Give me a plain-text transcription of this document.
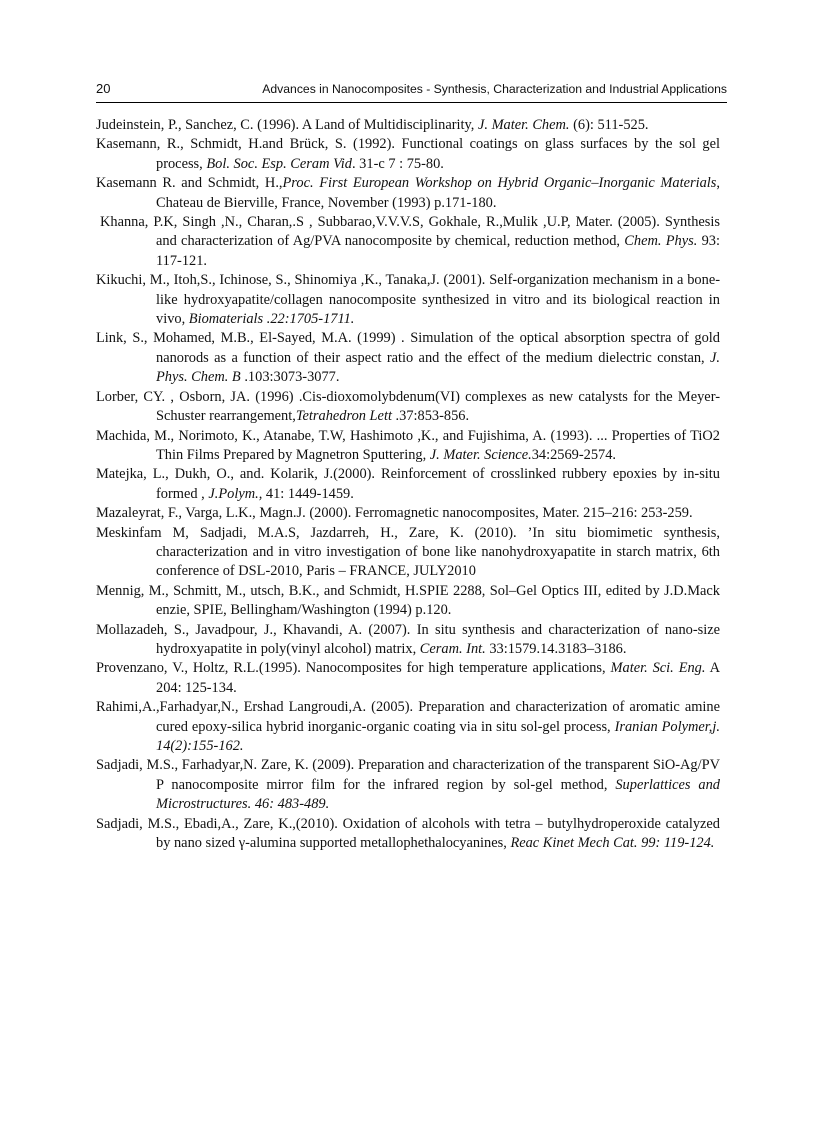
20	Advances in Nanocomposites - Synthesis, Characterization and Industrial Applications

Judeinstein, P., Sanchez, C. (1996). A Land of Multidisciplinarity, J. Mater. Chem. (6): 511-525.

Kasemann, R., Schmidt, H.and Brück, S. (1992). Functional coatings on glass surfaces by the sol gel process, Bol. Soc. Esp. Ceram Vid. 31-c 7 : 75-80.

Kasemann R. and Schmidt, H.,Proc. First European Workshop on Hybrid Organic–Inorganic Materials, Chateau de Bierville, France, November (1993) p.171-180.

Khanna, P.K, Singh ,N., Charan,.S , Subbarao,V.V.V.S, Gokhale, R.,Mulik ,U.P, Mater. (2005). Synthesis and characterization of Ag/PVA nanocomposite by chemical, reduction method, Chem. Phys. 93: 117-121.

Kikuchi, M., Itoh,S., Ichinose, S., Shinomiya ,K., Tanaka,J. (2001). Self-organization mechanism in a bone-like hydroxyapatite/collagen nanocomposite synthesized in vitro and its biological reaction in vivo, Biomaterials .22:1705-1711.

Link, S., Mohamed, M.B., El-Sayed, M.A. (1999) . Simulation of the optical absorption spectra of gold nanorods as a function of their aspect ratio and the effect of the medium dielectric constan, J. Phys. Chem. B .103:3073-3077.

Lorber, CY. , Osborn, JA. (1996) .Cis-dioxomolybdenum(VI) complexes as new catalysts for the Meyer-Schuster rearrangement,Tetrahedron Lett .37:853-856.

Machida, M., Norimoto, K., Atanabe, T.W, Hashimoto ,K., and Fujishima, A. (1993). ... Properties of TiO2 Thin Films Prepared by Magnetron Sputtering, J. Mater. Science.34:2569-2574.

Matejka, L., Dukh, O., and. Kolarik, J.(2000). Reinforcement of crosslinked rubbery epoxies by in-situ formed , J.Polym., 41: 1449-1459.

Mazaleyrat, F., Varga, L.K., Magn.J. (2000). Ferromagnetic nanocomposites, Mater. 215–216: 253-259.

Meskinfam M, Sadjadi, M.A.S, Jazdarreh, H., Zare, K. (2010). ’In situ biomimetic synthesis, characterization and in vitro investigation of bone like nanohydroxyapatite in starch matrix, 6th conference of DSL-2010, Paris – FRANCE, JULY2010

Mennig, M., Schmitt, M., utsch, B.K., and Schmidt, H.SPIE 2288, Sol–Gel Optics III, edited by J.D.Mack enzie, SPIE, Bellingham/Washington (1994) p.120.

Mollazadeh, S., Javadpour, J., Khavandi, A. (2007). In situ synthesis and characterization of nano-size hydroxyapatite in poly(vinyl alcohol) matrix, Ceram. Int. 33:1579.14.3183–3186.

Provenzano, V., Holtz, R.L.(1995). Nanocomposites for high temperature applications, Mater. Sci. Eng. A 204: 125-134.

Rahimi,A.,Farhadyar,N., Ershad Langroudi,A. (2005). Preparation and characterization of aromatic amine cured epoxy-silica hybrid inorganic-organic coating via in situ sol-gel process, Iranian Polymer,j. 14(2):155-162.

Sadjadi, M.S., Farhadyar,N. Zare, K. (2009). Preparation and characterization of the transparent SiO-Ag/PV P nanocomposite mirror film for the infrared region by sol-gel method, Superlattices and Microstructures. 46: 483-489.

Sadjadi, M.S., Ebadi,A., Zare, K.,(2010). Oxidation of alcohols with tetra – butylhydroperoxide catalyzed by nano sized γ-alumina supported metallophethalocyanines, Reac Kinet Mech Cat. 99: 119-124.
